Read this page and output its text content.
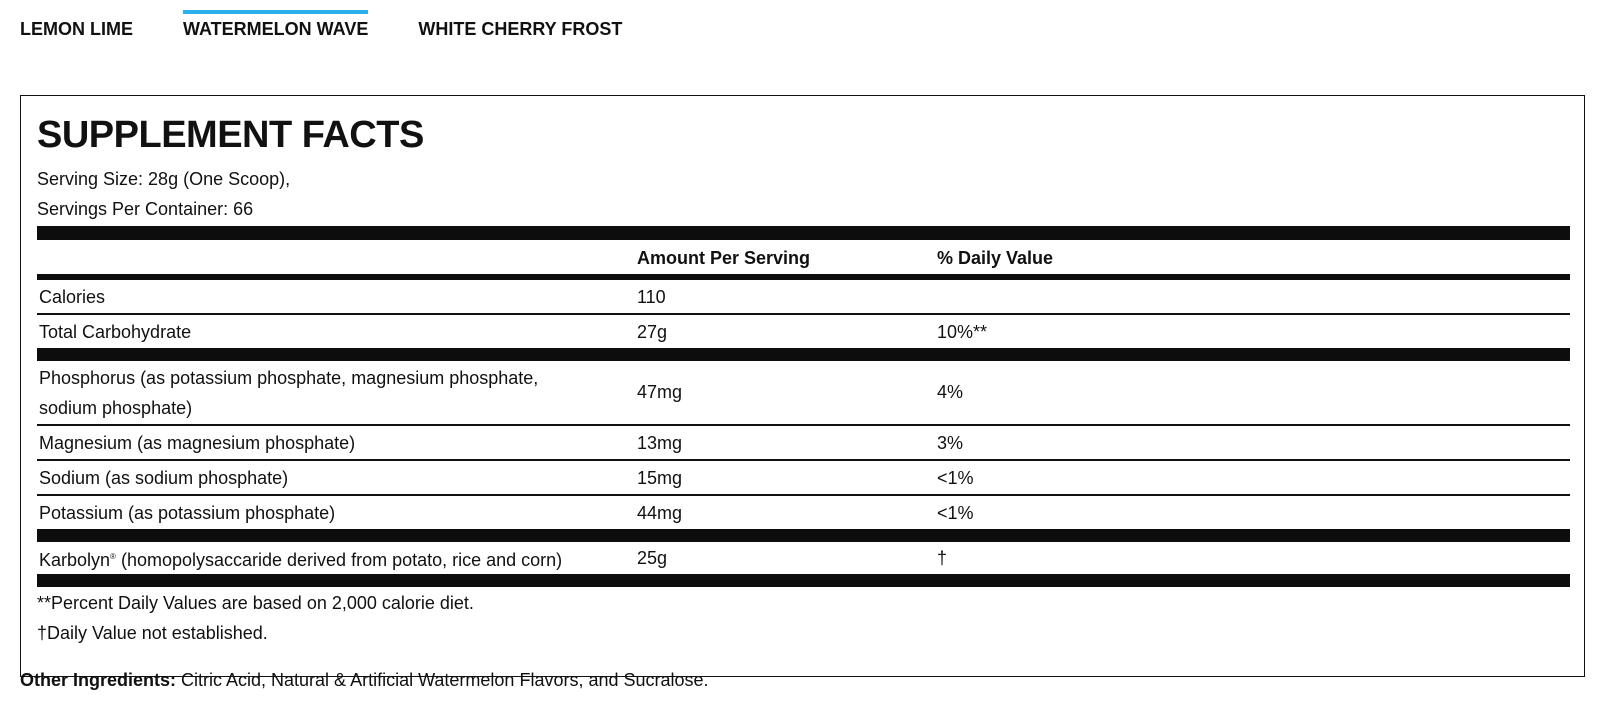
LEMON LIME	WATERMELON WAVE	WHITE CHERRY FROST
SUPPLEMENT FACTS
Serving Size: 28g (One Scoop),
Servings Per Container: 66
Amount Per Serving	% Daily Value
Calories	110
Total Carbohydrate	27g	10%**
Phosphorus (as potassium phosphate, magnesium phosphate,
sodium phosphate)
47mg	4%
Magnesium (as magnesium phosphate)	13mg	3%
Sodium (as sodium phosphate)	15mg	<1%
Potassium (as potassium phosphate)	44mg	<1%
Karbolyn® (homopolysaccaride derived from potato, rice and corn)	25g	†
**Percent Daily Values are based on 2,000 calorie diet.
†Daily Value not established.
Other Ingredients: Citric Acid, Natural & Artificial Watermelon Flavors, and Sucralose.
